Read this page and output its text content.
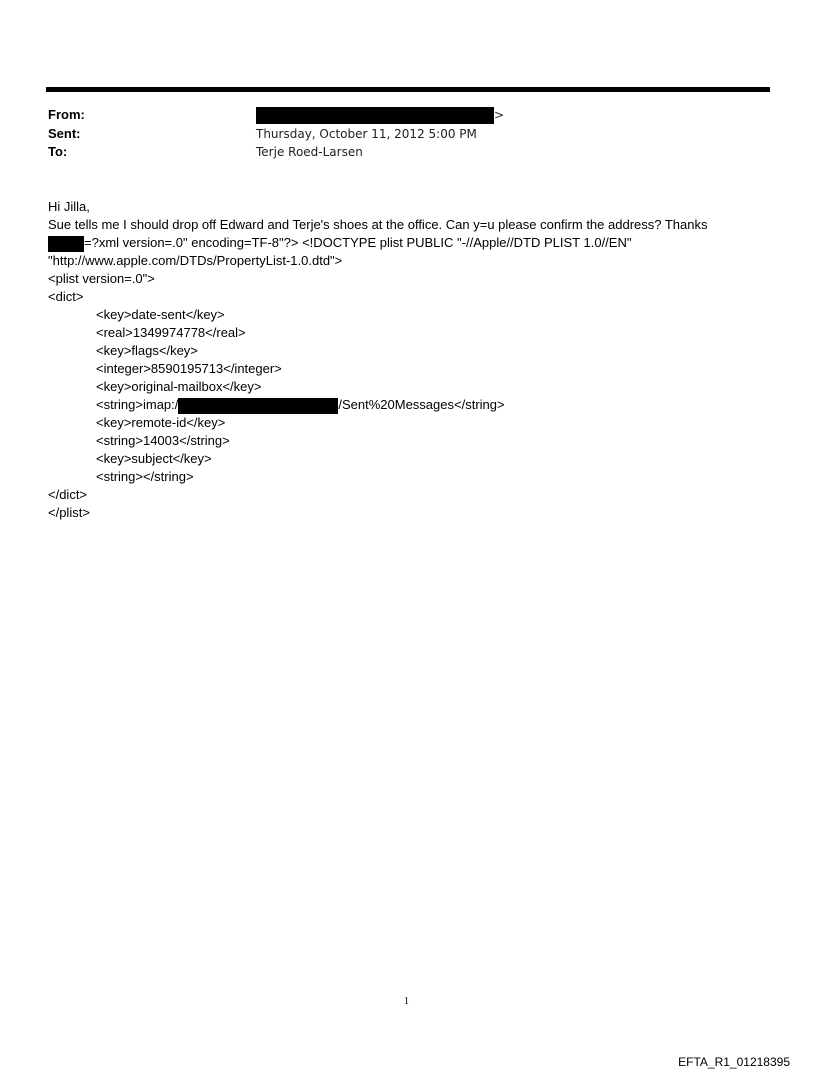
From:	>
Sent:	Thursday, October 11, 2012 5:00 PM
To:	Terje Roed-Larsen
Hi Jilla,
Sue tells me I should drop off Edward and Terje's shoes at the office. Can y=u please confirm the address? Thanks
=?xml version=.0" encoding=TF-8"?> <!DOCTYPE plist PUBLIC "-//Apple//DTD PLIST 1.0//EN"
"http://www.apple.com/DTDs/PropertyList-1.0.dtd">
<plist version=.0">
<dict>
<key>date-sent</key>
<real>1349974778</real>
<key>flags</key>
<integer>8590195713</integer>
<key>original-mailbox</key>
<string>imap:/	/Sent%20Messages</string>
<key>remote-id</key>
<string>14003</string>
<key>subject</key>
<string></string>
</dict>
</plist>
1
EFTA_R1_01218395
